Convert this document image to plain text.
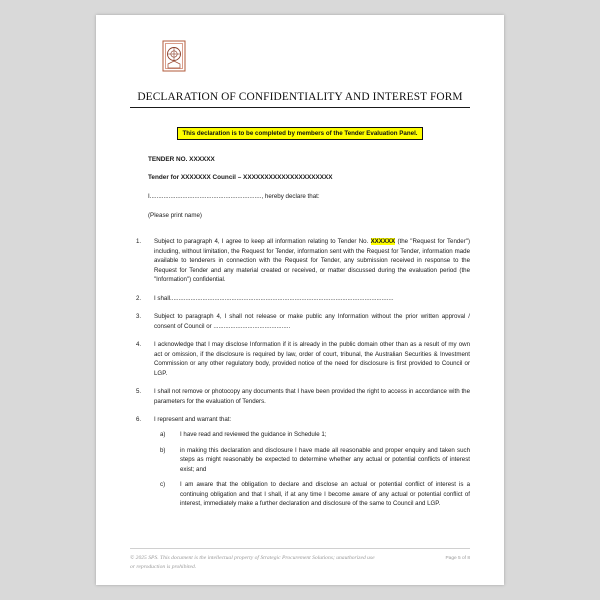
DECLARATION OF CONFIDENTIALITY AND INTEREST FORM
This declaration is to be completed by members of the Tender Evaluation Panel.
TENDER NO. XXXXXX
Tender for XXXXXXX Council – XXXXXXXXXXXXXXXXXXXXX
I................................................................., hereby declare that:
(Please print name)
1.	Subject to paragraph 4, I agree to keep all information relating to Tender No. XXXXXX (the "Request for Tender") including, without limitation, the Request for Tender, information sent with the Request for Tender, information made available to tenderers in connection with the Request for Tender, any submission received in response to the Request for Tender and any material created or received, or matter discussed during the evaluation period (the "Information") confidential.
2.	I shall...................................................................................................................................
3.	Subject to paragraph 4, I shall not release or make public any Information without the prior written approval / consent of Council or .............................................
4.	I acknowledge that I may disclose Information if it is already in the public domain other than as a result of my own act or omission, if the disclosure is required by law, order of court, tribunal, the Australian Securities & Investment Commission or any other regulatory body, provided notice of the need for disclosure is first provided to Council or LGP.
5.	I shall not remove or photocopy any documents that I have been provided the right to access in accordance with the parameters for the evaluation of Tenders.
6.	I represent and warrant that:
a)	I have read and reviewed the guidance in Schedule 1;
b)	in making this declaration and disclosure I have made all reasonable and proper enquiry and taken such steps as might reasonably be expected to determine whether any actual or potential conflicts of interest exist; and
c)	I am aware that the obligation to declare and disclose an actual or potential conflict of interest is a continuing obligation and that I shall, if at any time I become aware of any actual or potential conflict of interest, immediately make a further declaration and disclosure of the same to Council and LGP.
© 2025 SPS. This document is the intellectual property of Strategic Procurement Solutions; unauthorized use or reproduction is prohibited.
Page 5 of 8
